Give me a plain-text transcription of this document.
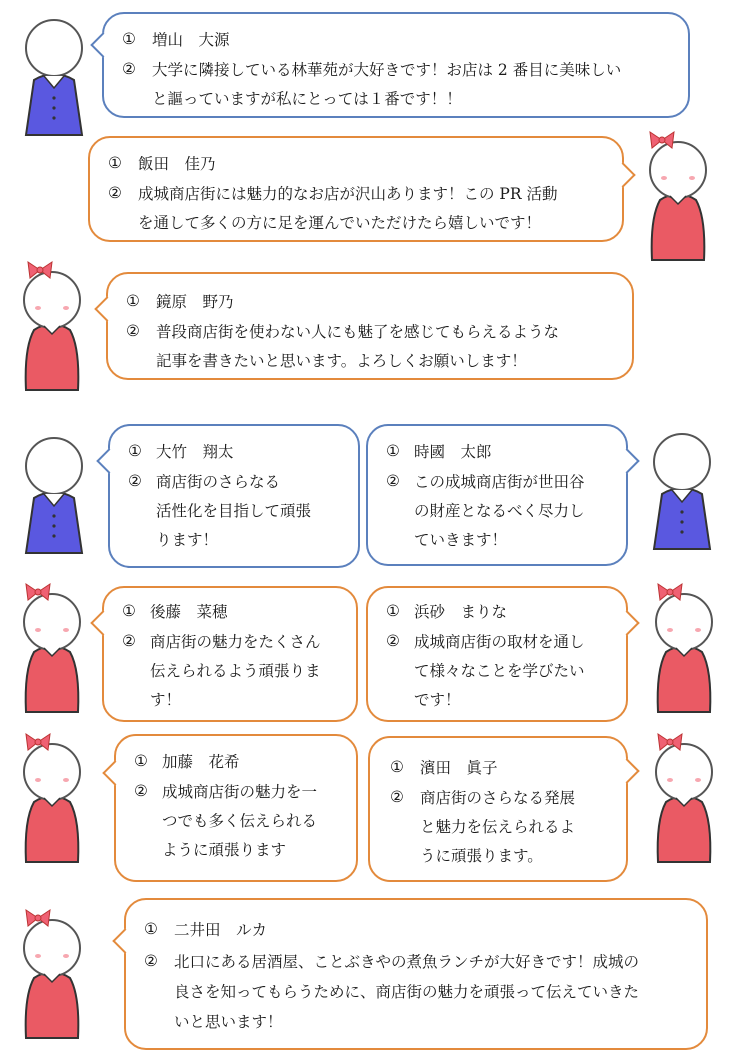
① 増山　大源
② 大学に隣接している林華苑が大好きです！お店は 2 番目に美味しい
と謳っていますが私にとっては１番です！！
① 飯田　佳乃
② 成城商店街には魅力的なお店が沢山あります！この PR 活動
を通して多くの方に足を運んでいただけたら嬉しいです！
① 鏡原　野乃
② 普段商店街を使わない人にも魅了を感じてもらえるような
記事を書きたいと思います。よろしくお願いします！
① 大竹　翔太
② 商店街のさらなる
活性化を目指して頑張
ります！
① 時國　太郎
② この成城商店街が世田谷
の財産となるべく尽力し
ていきます！
① 後藤　菜穂
② 商店街の魅力をたくさん
伝えられるよう頑張りま
す！
① 浜砂　まりな
② 成城商店街の取材を通し
て様々なことを学びたい
です！
① 加藤　花希
② 成城商店街の魅力を一
つでも多く伝えられる
ように頑張ります
① 濱田　眞子
② 商店街のさらなる発展
と魅力を伝えられるよ
うに頑張ります。
① 二井田　ルカ
② 北口にある居酒屋、ことぶきやの煮魚ランチが大好きです！成城の
良さを知ってもらうために、商店街の魅力を頑張って伝えていきた
いと思います！
